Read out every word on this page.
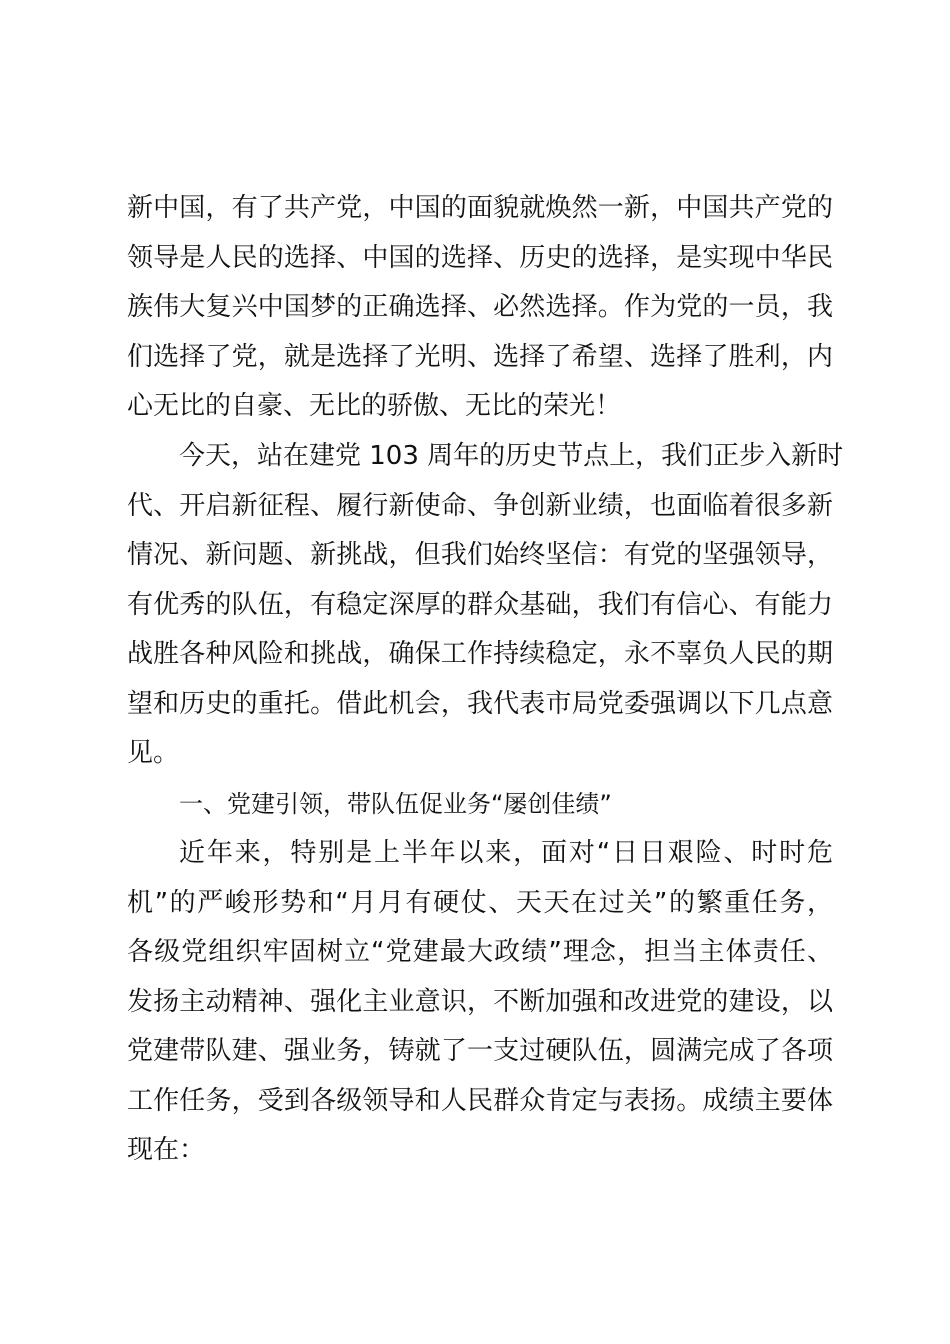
新中国，有了共产党，中国的面貌就焕然一新，中国共产党的
领导是人民的选择、中国的选择、历史的选择，是实现中华民
族伟大复兴中国梦的正确选择、必然选择。作为党的一员，我
们选择了党，就是选择了光明、选择了希望、选择了胜利，内
心无比的自豪、无比的骄傲、无比的荣光！
今天，站在建党 103 周年的历史节点上，我们正步入新时
代、开启新征程、履行新使命、争创新业绩，也面临着很多新
情况、新问题、新挑战，但我们始终坚信：有党的坚强领导，
有优秀的队伍，有稳定深厚的群众基础，我们有信心、有能力
战胜各种风险和挑战，确保工作持续稳定，永不辜负人民的期
望和历史的重托。借此机会，我代表市局党委强调以下几点意
见。
一、党建引领，带队伍促业务“屡创佳绩”
近年来，特别是上半年以来，面对“日日艰险、时时危
机”的严峻形势和“月月有硬仗、天天在过关”的繁重任务，
各级党组织牢固树立“党建最大政绩”理念，担当主体责任、
发扬主动精神、强化主业意识，不断加强和改进党的建设，以
党建带队建、强业务，铸就了一支过硬队伍，圆满完成了各项
工作任务，受到各级领导和人民群众肯定与表扬。成绩主要体
现在：
